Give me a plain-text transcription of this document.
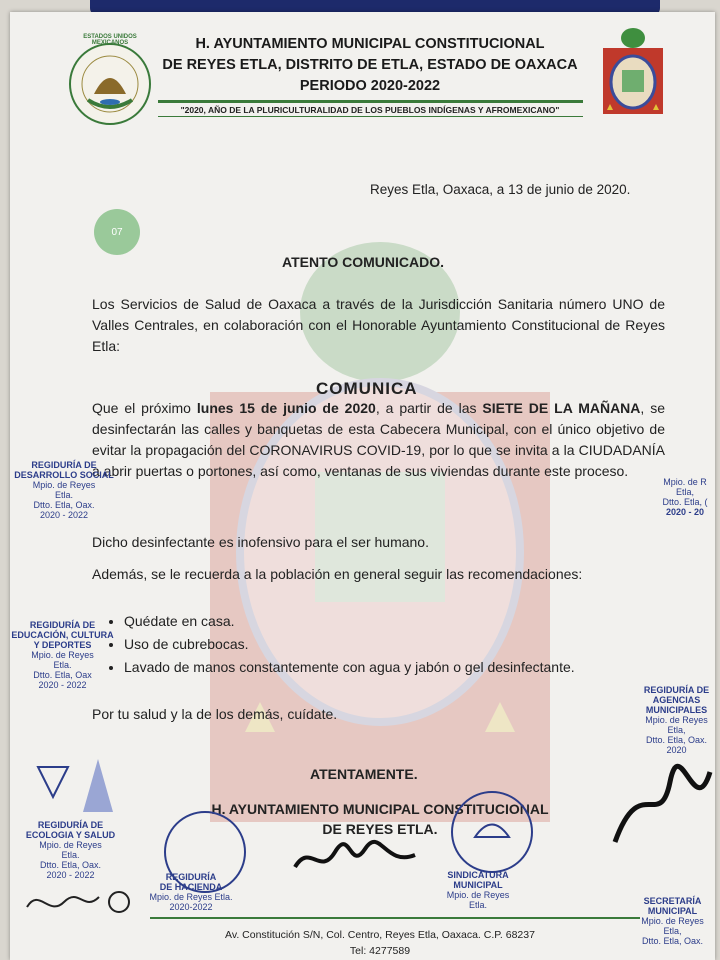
ESTADOS UNIDOS MEXICANOS	H. AYUNTAMIENTO MUNICIPAL CONSTITUCIONAL
DE REYES ETLA, DISTRITO DE ETLA, ESTADO DE OAXACA
PERIODO 2020-2022
"2020, AÑO DE LA PLURICULTURALIDAD DE LOS PUEBLOS INDÍGENAS Y AFROMEXICANO"
Reyes Etla, Oaxaca, a 13 de junio de 2020.
07
ATENTO COMUNICADO.
Los Servicios de Salud de Oaxaca a través de la Jurisdicción Sanitaria número UNO de Valles Centrales, en colaboración con el Honorable Ayuntamiento Constitucional de Reyes Etla:
COMUNICA
Que el próximo lunes 15 de junio de 2020, a partir de las SIETE DE LA MAÑANA, se desinfectarán las calles y banquetas de esta Cabecera Municipal, con el único objetivo de evitar la propagación del CORONAVIRUS COVID-19, por lo que se invita a la CIUDADANÍA a abrir puertas o portones, así como, ventanas de sus viviendas durante este proceso.
Dicho desinfectante es inofensivo para el ser humano.
Además, se le recuerda a la población en general seguir las recomendaciones:
• Quédate en casa.
• Uso de cubrebocas.
• Lavado de manos constantemente con agua y jabón o gel desinfectante.
Por tu salud y la de los demás, cuídate.
ATENTAMENTE.
H. AYUNTAMIENTO MUNICIPAL CONSTITUCIONAL
DE REYES ETLA.
REGIDURÍA DE
DESARROLLO SOCIAL
Mpio. de Reyes
Etla.
Dtto. Etla, Oax.
2020 - 2022
REGIDURÍA DE
EDUCACIÓN, CULTURA
Y DEPORTES
Mpio. de Reyes
Etla.
Dtto. Etla, Oax
2020 - 2022
REGIDURÍA DE
ECOLOGIA Y SALUD
Mpio. de Reyes
Etla.
Dtto. Etla, Oax.
2020 - 2022	REGIDURÍA
DE HACIENDA
Mpio. de Reyes Etla.
2020-2022
SINDICATURA
MUNICIPAL
Mpio. de Reyes
Etla.
Mpio. de R
Etla,
Dtto. Etla, (
2020 - 20
REGIDURÍA DE
AGENCIAS
MUNICIPALES
Mpio. de Reyes
Etla,
Dtto. Etla, Oax.
2020
SECRETARÍA
MUNICIPAL
Mpio. de Reyes
Etla,
Dtto. Etla, Oax.
Av. Constitución S/N, Col. Centro, Reyes Etla, Oaxaca. C.P. 68237
Tel: 4277589
